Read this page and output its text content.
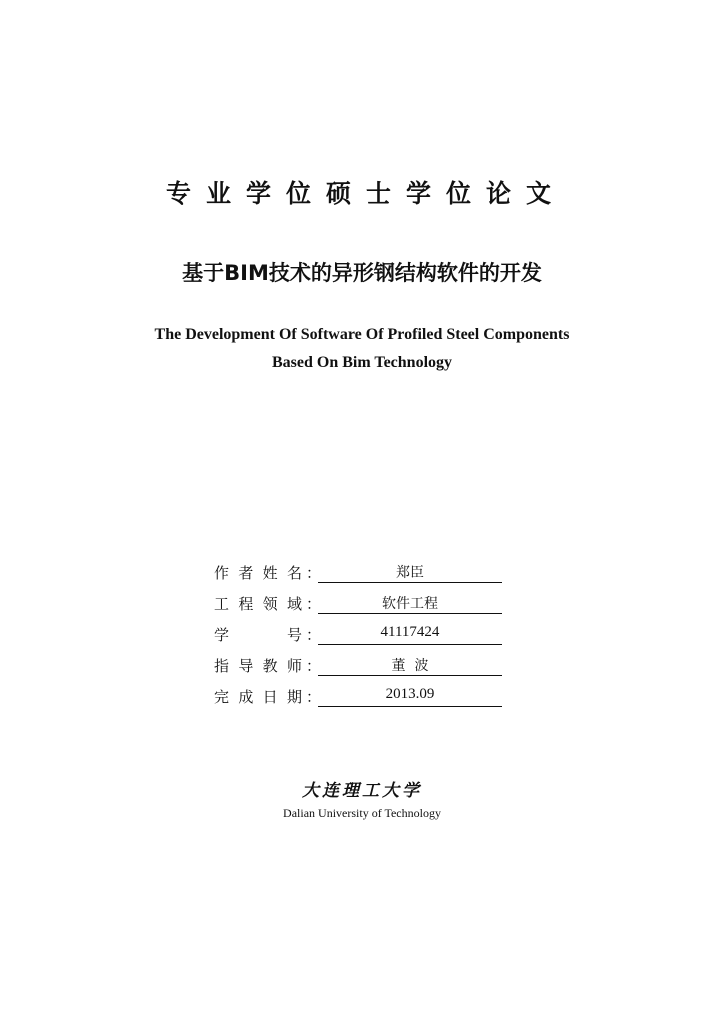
专业学位硕士学位论文
基于BIM技术的异形钢结构软件的开发
The Development Of Software Of Profiled Steel Components
Based On Bim Technology
作 者 姓 名 ：	郑臣
工 程 领 域 ：	软件工程
学	号 ：	41117424
指 导 教 师 ：	董  波
完 成 日 期 ：	2013.09
大连理工大学
Dalian University of Technology
